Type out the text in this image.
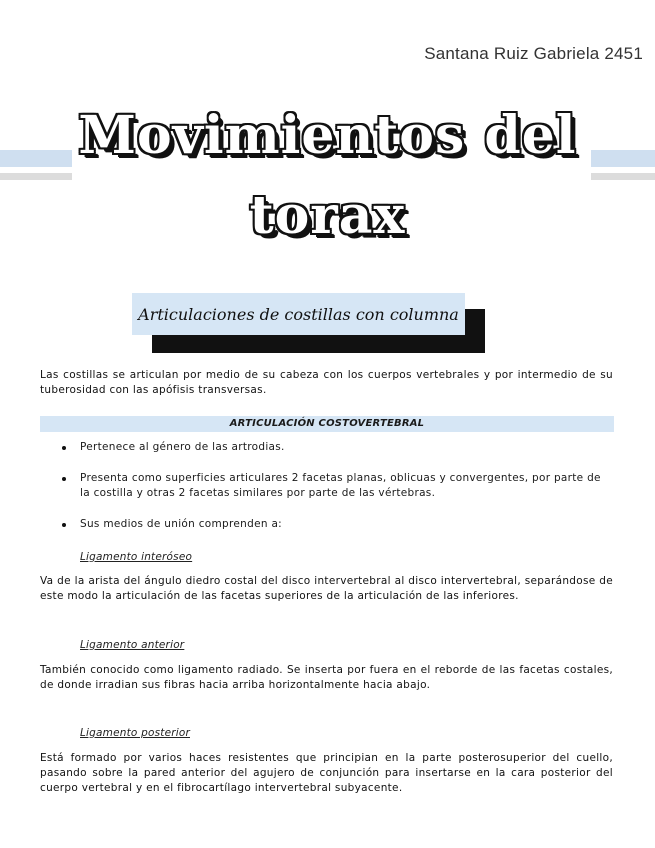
Santana Ruiz Gabriela 2451
Movimientos del
torax
Articulaciones de costillas con columna
Las costillas se articulan por medio de su cabeza con los cuerpos vertebrales y por intermedio de su tuberosidad con las apófisis transversas.
ARTICULACIÓN COSTOVERTEBRAL
Pertenece al género de las artrodias.
Presenta como superficies articulares 2 facetas planas, oblicuas y convergentes, por parte de la costilla y otras 2 facetas similares por parte de las vértebras.
Sus medios de unión comprenden a:
Ligamento interóseo
Va de la arista del ángulo diedro costal del disco intervertebral al disco intervertebral, separándose de este modo la articulación de las facetas superiores de la articulación de las inferiores.
Ligamento anterior
También conocido como ligamento radiado. Se inserta por fuera en el reborde de las facetas costales, de donde irradian sus fibras hacia arriba horizontalmente hacia abajo.
Ligamento posterior
Está formado por varios haces resistentes que principian en la parte posterosuperior del cuello, pasando sobre la pared anterior del agujero de conjunción para insertarse en la cara posterior del cuerpo vertebral y en el fibrocartílago intervertebral subyacente.
